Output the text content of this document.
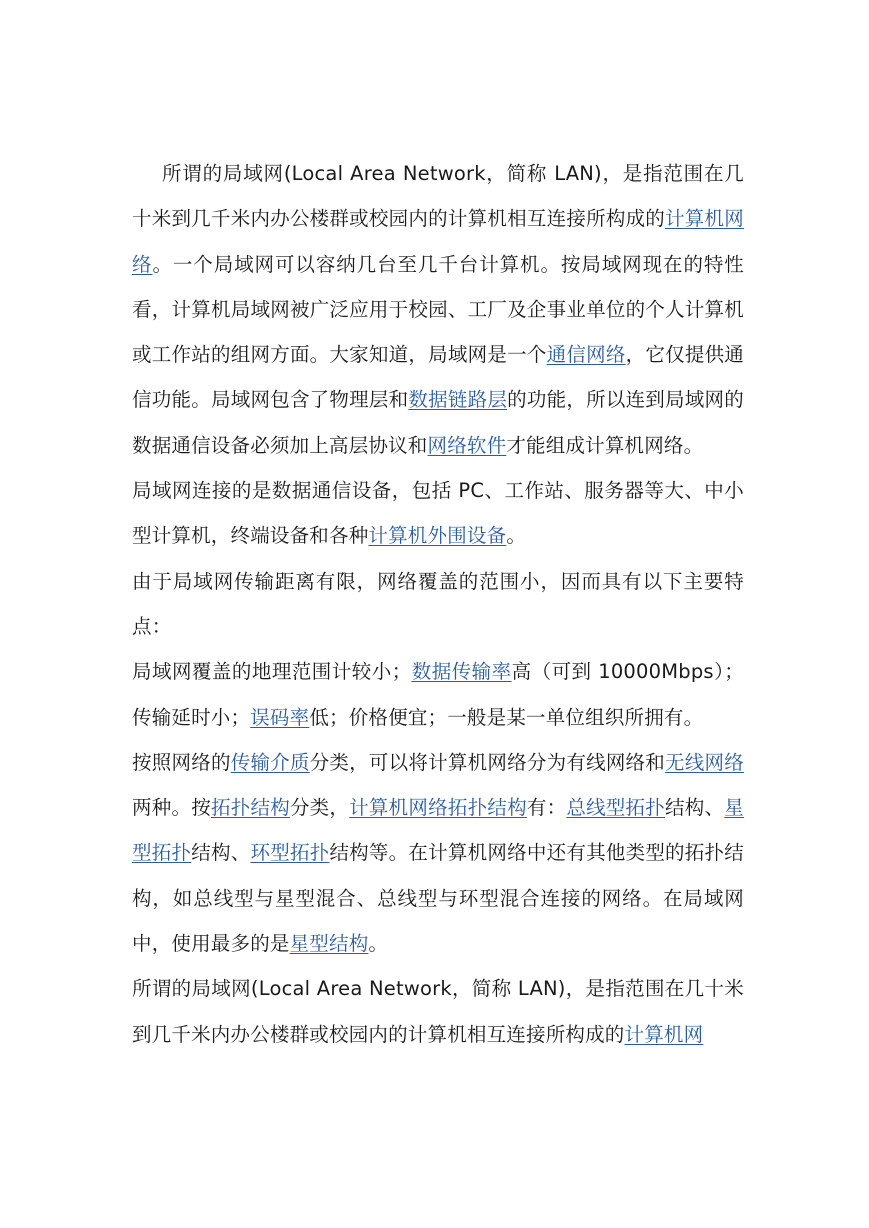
所谓的局域网(Local Area Network，简称 LAN)，是指范围在几十米到几千米内办公楼群或校园内的计算机相互连接所构成的计算机网络。一个局域网可以容纳几台至几千台计算机。按局域网现在的特性看，计算机局域网被广泛应用于校园、工厂及企事业单位的个人计算机或工作站的组网方面。大家知道，局域网是一个通信网络，它仅提供通信功能。局域网包含了物理层和数据链路层的功能，所以连到局域网的数据通信设备必须加上高层协议和网络软件才能组成计算机网络。

局域网连接的是数据通信设备，包括 PC、工作站、服务器等大、中小型计算机，终端设备和各种计算机外围设备。

由于局域网传输距离有限，网络覆盖的范围小，因而具有以下主要特点：

局域网覆盖的地理范围计较小；数据传输率高（可到 10000Mbps）；传输延时小；误码率低；价格便宜；一般是某一单位组织所拥有。

按照网络的传输介质分类，可以将计算机网络分为有线网络和无线网络两种。按拓扑结构分类，计算机网络拓扑结构有：总线型拓扑结构、星型拓扑结构、环型拓扑结构等。在计算机网络中还有其他类型的拓扑结构，如总线型与星型混合、总线型与环型混合连接的网络。在局域网中，使用最多的是星型结构。

所谓的局域网(Local Area Network，简称 LAN)，是指范围在几十米到几千米内办公楼群或校园内的计算机相互连接所构成的计算机网
